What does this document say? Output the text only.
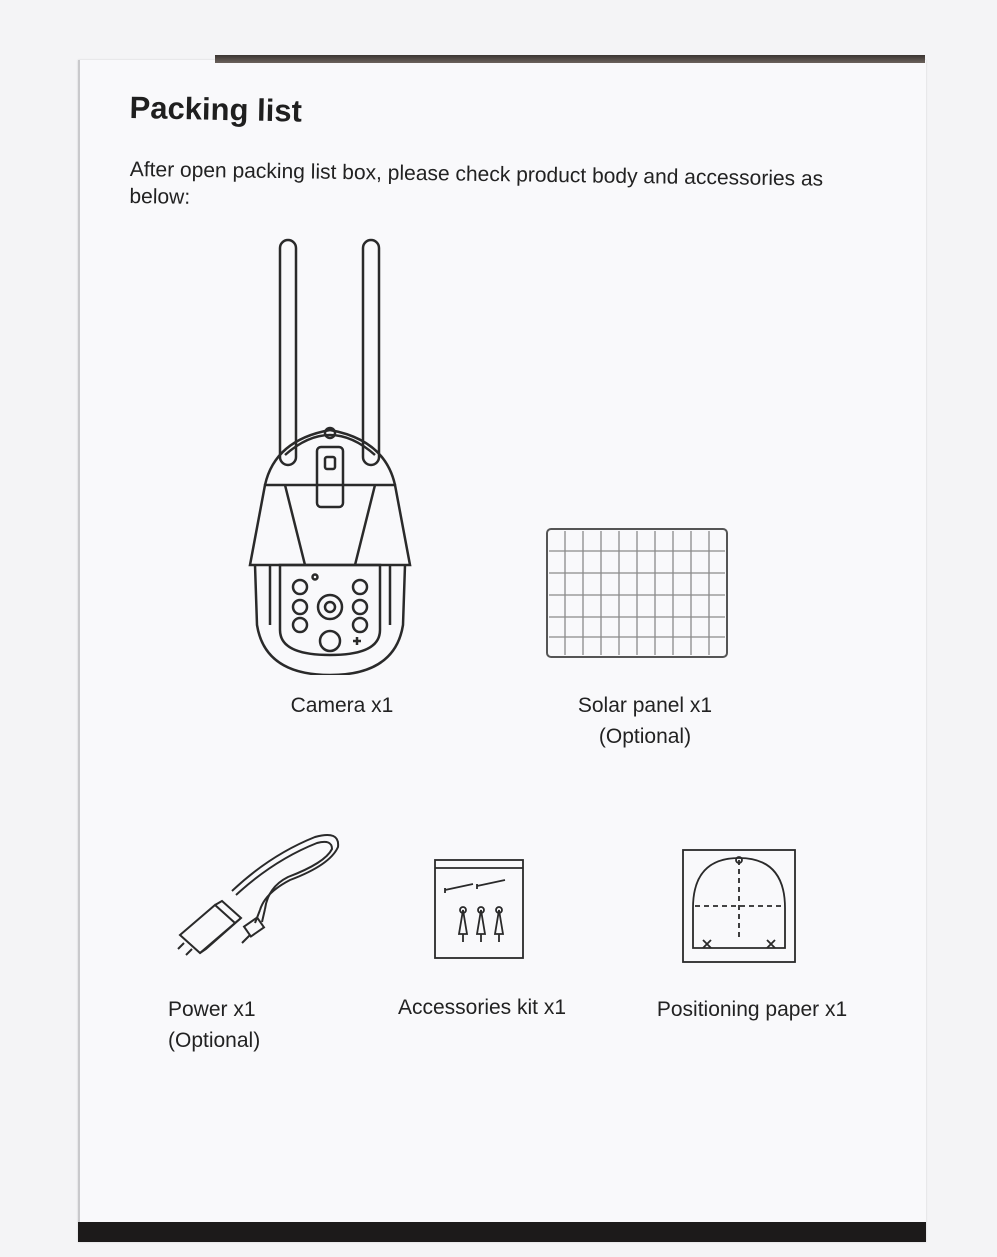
Packing list

After open packing list box, please check product body and accessories as below:

Camera x1	Solar panel x1
(Optional)
Power x1
(Optional)
Accessories kit x1	Positioning paper x1
